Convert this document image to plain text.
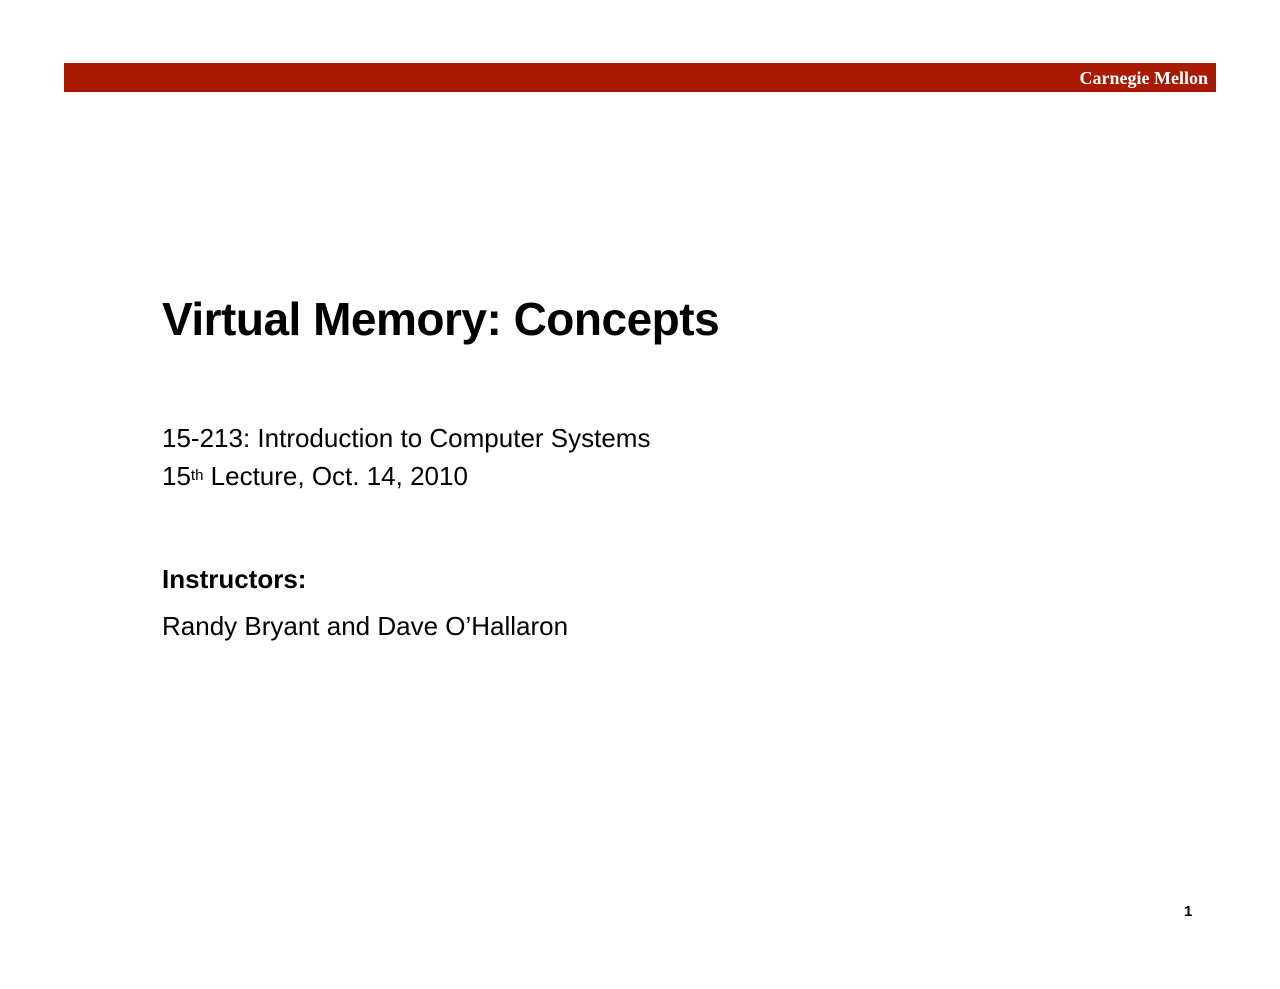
Carnegie Mellon
Virtual Memory: Concepts
15-213: Introduction to Computer Systems
15th Lecture, Oct. 14, 2010
Instructors:
Randy Bryant and Dave O’Hallaron
1
